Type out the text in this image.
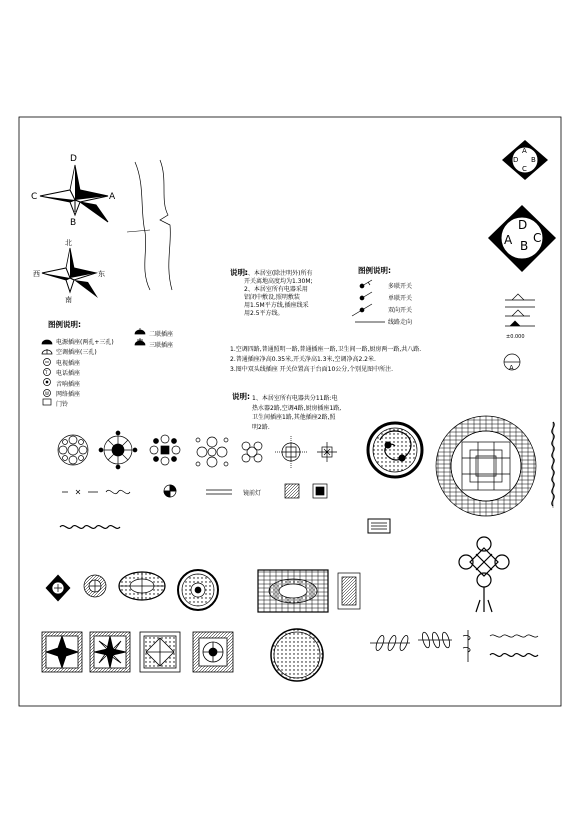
D
B
A
C
北
南
东
西
A
D B
C
A
D
B
C
±0.000
A
T
W
镜前灯
说明:
1、本居室(除注明外)所有
开关离地高度均为1.30M;
2、本居室所有电器采用
铝闭中敷设,照明敷装
用1.5M平方线,插座线采
用2.5平方线。
图例说明:
多联开关
单联开关
双向开关
线路走向
图例说明:
电源插座(两孔+三孔)
空调插座(三孔)
电视插座
电话插座
音响插座
网络插座
门铃
二联插座
三联插座
1.空调四路,普通照明一路,普通插座一路,卫生间一路,厨房两一路,共八路.
2.普通插座净高0.35米,开关净高1.3米,空调净高2.2米.
3.图中双头线插座 开关位置高于台面10公分,个别见图中所注.
说明: 1、本居室所有电器共分11路:电
热水器2路,空调4路,厨房插座1路,
卫生间插座1路,其他插座2路,照
明2路.
